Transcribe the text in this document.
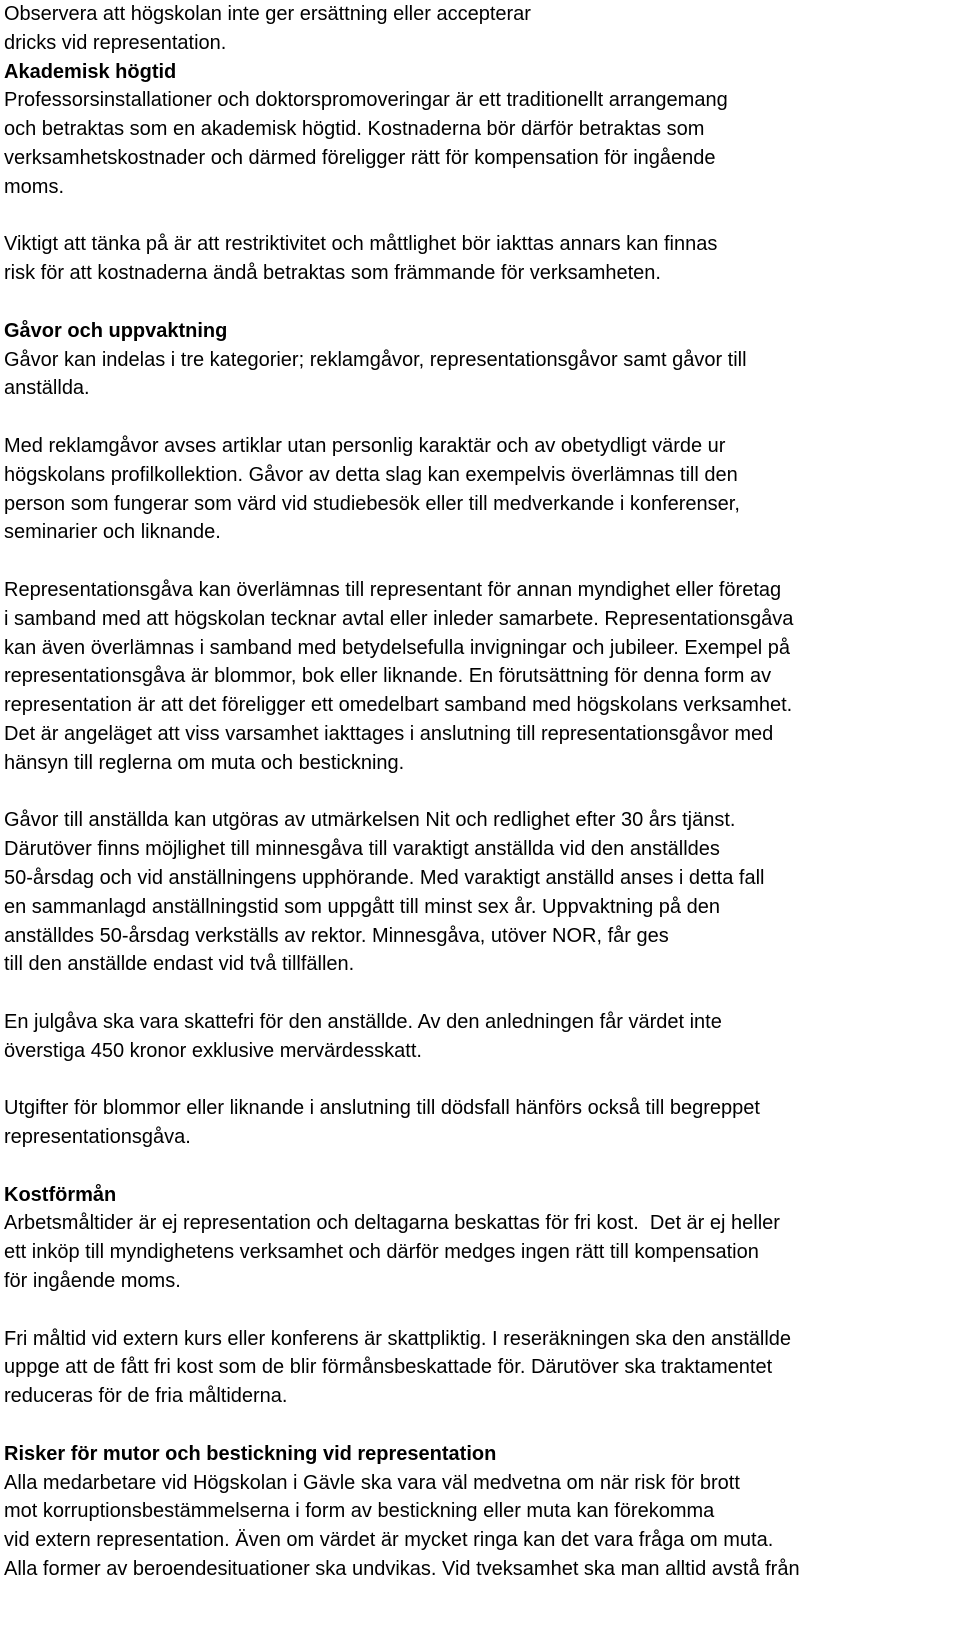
Observera att högskolan inte ger ersättning eller accepterar
dricks vid representation.
Akademisk högtid
Professorsinstallationer och doktorspromoveringar är ett traditionellt arrangemang
och betraktas som en akademisk högtid. Kostnaderna bör därför betraktas som
verksamhetskostnader och därmed föreligger rätt för kompensation för ingående
moms.
Viktigt att tänka på är att restriktivitet och måttlighet bör iakttas annars kan finnas
risk för att kostnaderna ändå betraktas som främmande för verksamheten.
Gåvor och uppvaktning
Gåvor kan indelas i tre kategorier; reklamgåvor, representationsgåvor samt gåvor till
anställda.
Med reklamgåvor avses artiklar utan personlig karaktär och av obetydligt värde ur
högskolans profilkollektion. Gåvor av detta slag kan exempelvis överlämnas till den
person som fungerar som värd vid studiebesök eller till medverkande i konferenser,
seminarier och liknande.
Representationsgåva kan överlämnas till representant för annan myndighet eller företag
i samband med att högskolan tecknar avtal eller inleder samarbete. Representationsgåva
kan även överlämnas i samband med betydelsefulla invigningar och jubileer. Exempel på
representationsgåva är blommor, bok eller liknande. En förutsättning för denna form av
representation är att det föreligger ett omedelbart samband med högskolans verksamhet.
Det är angeläget att viss varsamhet iakttages i anslutning till representationsgåvor med
hänsyn till reglerna om muta och bestickning.
Gåvor till anställda kan utgöras av utmärkelsen Nit och redlighet efter 30 års tjänst.
Därutöver finns möjlighet till minnesgåva till varaktigt anställda vid den anställdes
50-årsdag och vid anställningens upphörande. Med varaktigt anställd anses i detta fall
en sammanlagd anställningstid som uppgått till minst sex år. Uppvaktning på den
anställdes 50-årsdag verkställs av rektor. Minnesgåva, utöver NOR, får ges
till den anställde endast vid två tillfällen.
En julgåva ska vara skattefri för den anställde. Av den anledningen får värdet inte
överstiga 450 kronor exklusive mervärdesskatt.
Utgifter för blommor eller liknande i anslutning till dödsfall hänförs också till begreppet
representationsgåva.
Kostförmån
Arbetsmåltider är ej representation och deltagarna beskattas för fri kost.  Det är ej heller
ett inköp till myndighetens verksamhet och därför medges ingen rätt till kompensation
för ingående moms.
Fri måltid vid extern kurs eller konferens är skattpliktig. I reseräkningen ska den anställde
uppge att de fått fri kost som de blir förmånsbeskattade för. Därutöver ska traktamentet
reduceras för de fria måltiderna.
Risker för mutor och bestickning vid representation
Alla medarbetare vid Högskolan i Gävle ska vara väl medvetna om när risk för brott
mot korruptionsbestämmelserna i form av bestickning eller muta kan förekomma
vid extern representation. Även om värdet är mycket ringa kan det vara fråga om muta.
Alla former av beroendesituationer ska undvikas. Vid tveksamhet ska man alltid avstå från
